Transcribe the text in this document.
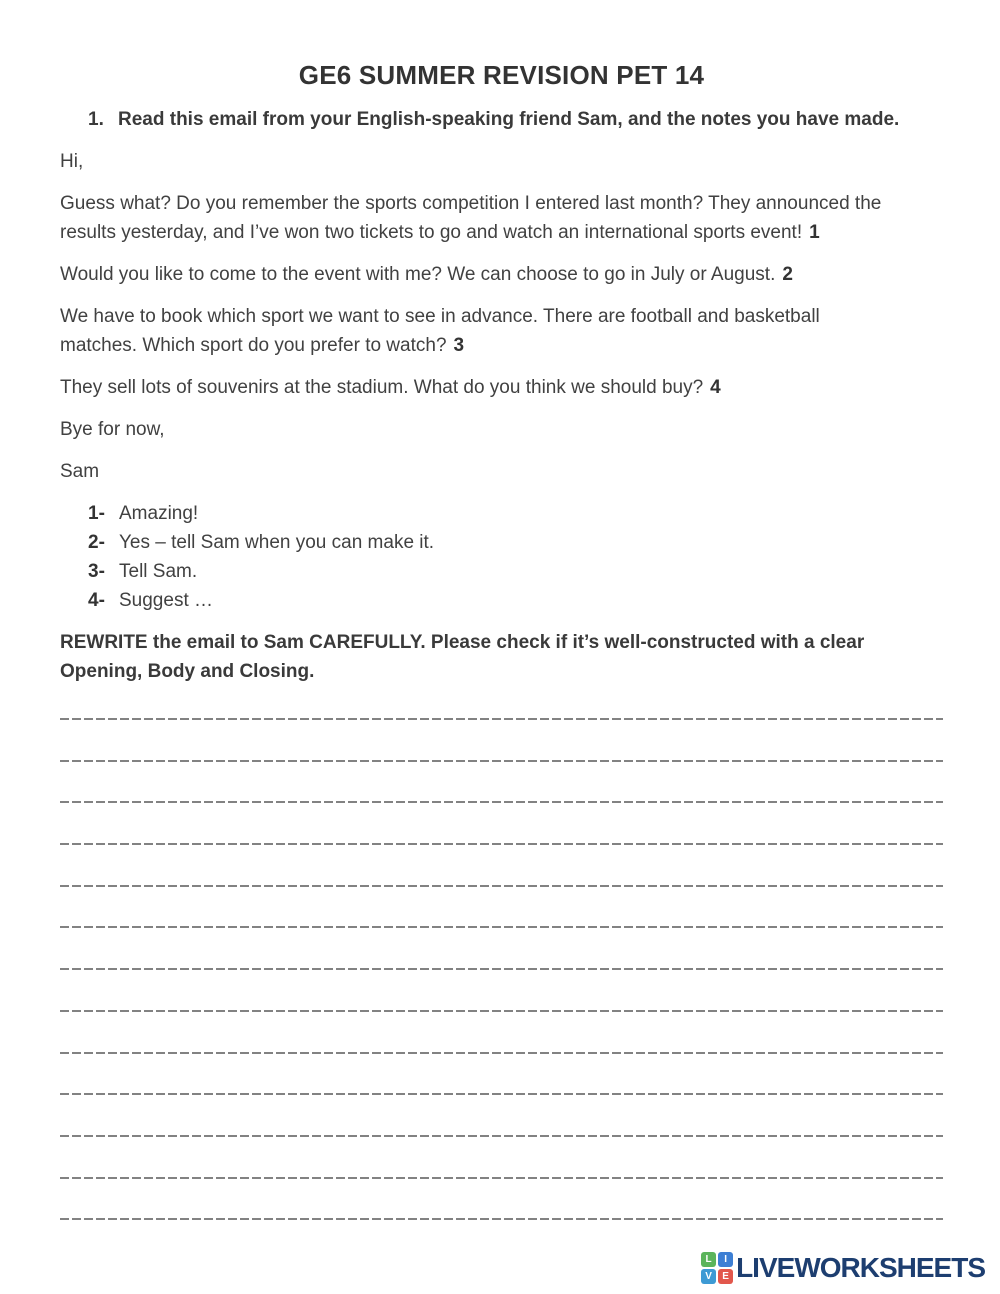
GE6 SUMMER REVISION PET 14

1. Read this email from your English-speaking friend Sam, and the notes you have made.

Hi,

Guess what? Do you remember the sports competition I entered last month? They announced the
results yesterday, and I’ve won two tickets to go and watch an international sports event! 1

Would you like to come to the event with me? We can choose to go in July or August. 2

We have to book which sport we want to see in advance. There are football and basketball
matches. Which sport do you prefer to watch? 3

They sell lots of souvenirs at the stadium. What do you think we should buy? 4

Bye for now,

Sam

1- Amazing!
2- Yes – tell Sam when you can make it.
3- Tell Sam.
4- Suggest …

REWRITE the email to Sam CAREFULLY. Please check if it’s well-constructed with a clear
Opening, Body and Closing.

L	I
V	E LIVEWORKSHEETS
